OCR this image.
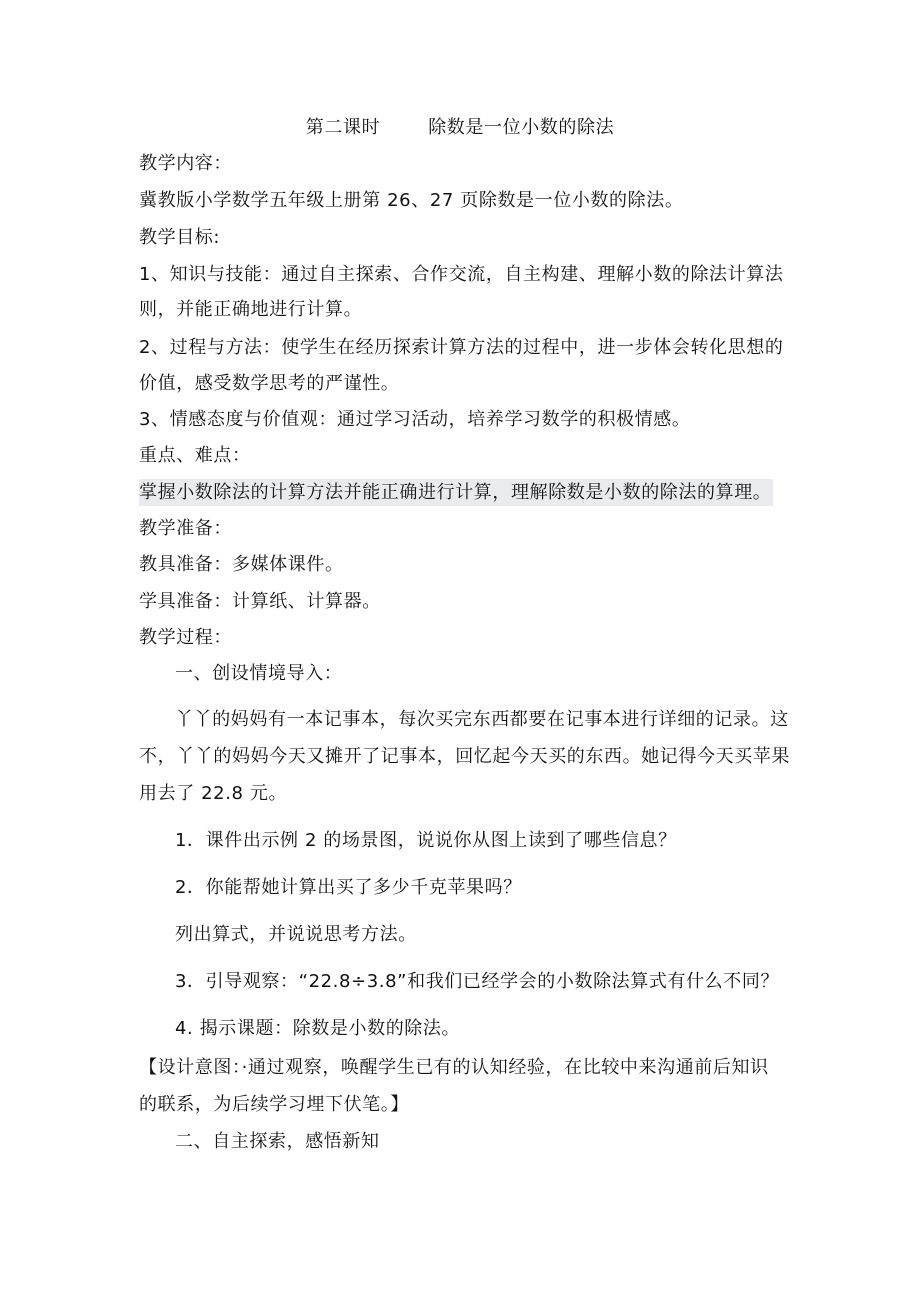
第二课时	除数是一位小数的除法
教学内容：
冀教版小学数学五年级上册第 26、27 页除数是一位小数的除法。
教学目标:
1、知识与技能：通过自主探索、合作交流，自主构建、理解小数的除法计算法
则，并能正确地进行计算。
2、过程与方法：使学生在经历探索计算方法的过程中，进一步体会转化思想的
价值，感受数学思考的严谨性。
3、情感态度与价值观：通过学习活动，培养学习数学的积极情感。
重点、难点：
掌握小数除法的计算方法并能正确进行计算，理解除数是小数的除法的算理。
教学准备：
教具准备：多媒体课件。
学具准备：计算纸、计算器。
教学过程：
一、创设情境导入：
丫丫的妈妈有一本记事本，每次买完东西都要在记事本进行详细的记录。这
不，丫丫的妈妈今天又摊开了记事本，回忆起今天买的东西。她记得今天买苹果
用去了 22.8 元。
1．课件出示例 2 的场景图，说说你从图上读到了哪些信息？
2．你能帮她计算出买了多少千克苹果吗？
列出算式，并说说思考方法。
3．引导观察：“22.8÷3.8”和我们已经学会的小数除法算式有什么不同？
4. 揭示课题：除数是小数的除法。
【设计意图：·通过观察，唤醒学生已有的认知经验，在比较中来沟通前后知识
的联系，为后续学习埋下伏笔。】
二、自主探索，感悟新知
